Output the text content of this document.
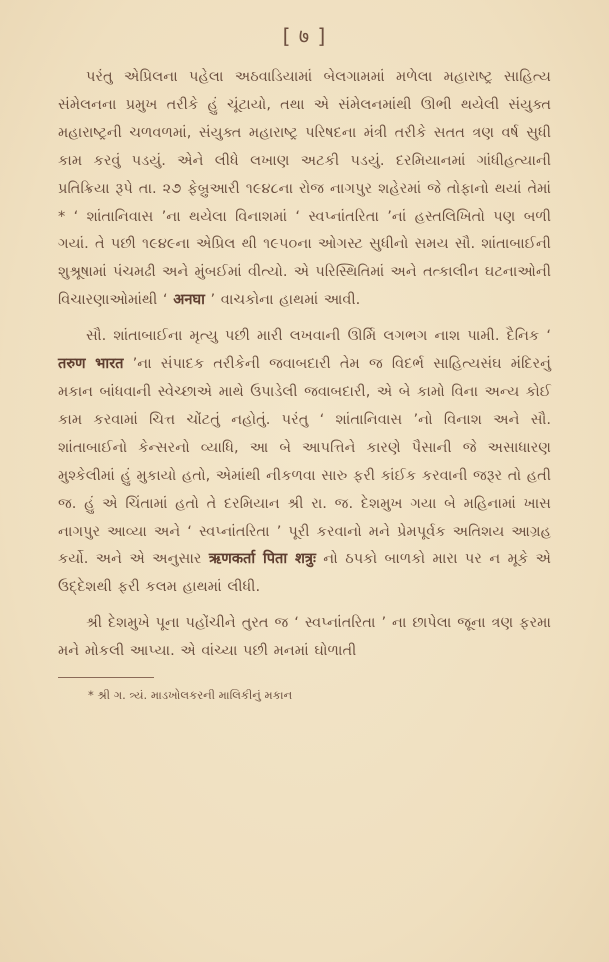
[ ७ ]

પરંતુ એપ્રિલના પહેલા અઠવાડિયામાં બેલગામમાં મળેલા મહારાષ્ટ્ર સાહિત્ય સંમેલનના પ્રમુખ તરીકે હું ચૂંટાયો, તથા એ સંમેલનમાંથી ઊભી થયેલી સંયુક્ત મહારાષ્ટ્રની ચળવળમાં, સંયુક્ત મહારાષ્ટ્ર પરિષદના મંત્રી તરીકે સતત ત્રણ વર્ષ સુધી કામ કરવું પડયું. એને લીધે લખાણ અટકી પડયું. દરમિયાનમાં ગાંધીહત્યાની પ્રતિક્રિયા રૂપે તા. ૨૭ ફેબ્રુઆરી ૧૯૪૮ના રોજ નાગપુર શહેરમાં જે તોફાનો થયાં તેમાં * ‘ શાંતાનિવાસ ’ના થયેલા વિનાશમાં ‘ સ્વપ્નાંતરિતા ’નાં હસ્તલિખિતો પણ બળી ગયાં. તે પછી ૧૯૪૯ના એપ્રિલ થી ૧૯૫૦ના ઓગસ્ટ સુધીનો સમય સૌ. શાંતાબાઈની શુશ્રૂષામાં પંચમઢી અને મુંબઈમાં વીત્યો. એ પરિસ્થિતિમાં અને તત્કાલીન ઘટનાઓની વિચારણાઓમાંથી ‘ अनघा ’ વાચકોના હાથમાં આવી.

સૌ. શાંતાબાઈના મૃત્યુ પછી મારી લખવાની ઊર્મિ લગભગ નાશ પામી. દૈનિક ‘ तरुण भारत ’ના સંપાદક તરીકેની જવાબદારી તેમ જ વિદર્ભ સાહિત્યસંઘ મંદિરનું મકાન બાંધવાની સ્વેચ્છાએ માથે ઉપાડેલી જવાબદારી, એ બે કામો વિના અન્ય કોઈ કામ કરવામાં ચિત્ત ચોંટતું નહોતું. પરંતુ ‘ શાંતાનિવાસ ’નો વિનાશ અને સૌ. શાંતાબાઈનો કેન્સરનો વ્યાધિ, આ બે આપત્તિને કારણે પૈસાની જે અસાધારણ મુશ્કેલીમાં હું મુકાયો હતો, એમાંથી નીકળવા સારુ ફરી કાંઈક કરવાની જરૂર તો હતી જ. હું એ ચિંતામાં હતો તે દરમિયાન શ્રી રા. જ. દેશમુખ ગયા બે મહિનામાં ખાસ નાગપુર આવ્યા અને ‘ સ્વપ્નાંતરિતા ’ પૂરી કરવાનો મને પ્રેમપૂર્વક અતિશય આગ્રહ કર્યો. અને એ અનુસાર ऋणकर्ता पिता शत्रुः નો ઠપકો બાળકો મારા પર ન મૂકે એ ઉદ્દેશથી ફરી કલમ હાથમાં લીધી.

શ્રી દેશમુખે પૂના પહોંચીને તુરત જ ‘ સ્વપ્નાંતરિતા ’ ના છાપેલા જૂના ત્રણ ફરમા મને મોકલી આપ્યા. એ વાંચ્યા પછી મનમાં ઘોળાતી

* શ્રી ગ. ત્ર્યં. માડખોલકરની માલિકીનું મકાન
